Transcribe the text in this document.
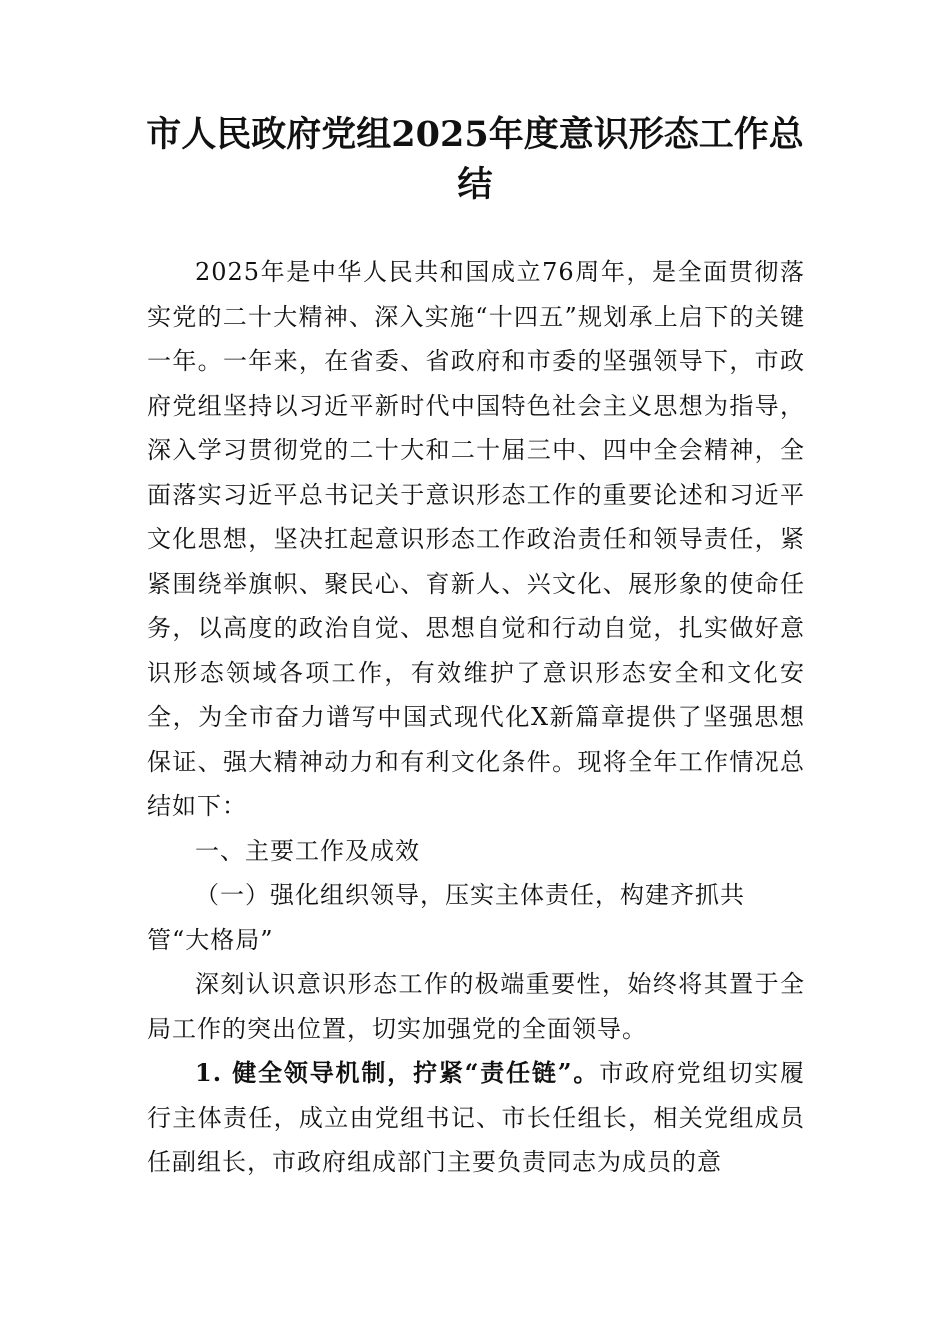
市人民政府党组2025年度意识形态工作总结

2025年是中华人民共和国成立76周年，是全面贯彻落实党的二十大精神、深入实施“十四五”规划承上启下的关键一年。一年来，在省委、省政府和市委的坚强领导下，市政府党组坚持以习近平新时代中国特色社会主义思想为指导，深入学习贯彻党的二十大和二十届三中、四中全会精神，全面落实习近平总书记关于意识形态工作的重要论述和习近平文化思想，坚决扛起意识形态工作政治责任和领导责任，紧紧围绕举旗帜、聚民心、育新人、兴文化、展形象的使命任务，以高度的政治自觉、思想自觉和行动自觉，扎实做好意识形态领域各项工作，有效维护了意识形态安全和文化安全，为全市奋力谱写中国式现代化X新篇章提供了坚强思想保证、强大精神动力和有利文化条件。现将全年工作情况总结如下：

一、主要工作及成效

（一）强化组织领导，压实主体责任，构建齐抓共管“大格局”

深刻认识意识形态工作的极端重要性，始终将其置于全局工作的突出位置，切实加强党的全面领导。

1. 健全领导机制，拧紧“责任链”。市政府党组切实履行主体责任，成立由党组书记、市长任组长，相关党组成员任副组长，市政府组成部门主要负责同志为成员的意
